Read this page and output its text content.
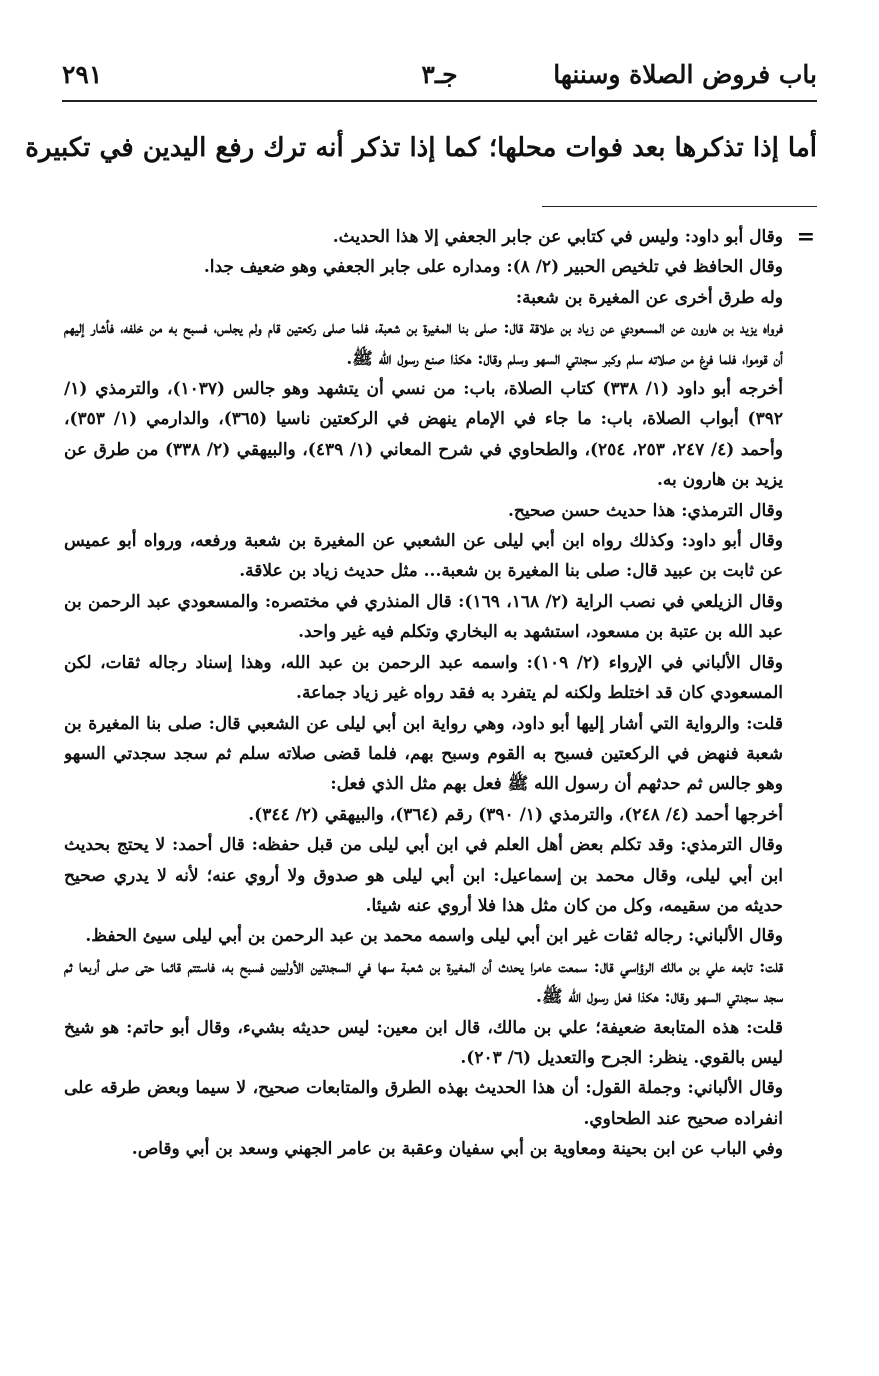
باب فروض الصلاة وسننها
جـ٣
٢٩١
أما إذا تذكرها بعد فوات محلها؛ كما إذا تذكر أنه ترك رفع اليدين في تكبيرة
=

وقال أبو داود: وليس في كتابي عن جابر الجعفي إلا هذا الحديث.

وقال الحافظ في تلخيص الحبير (٢/ ٨): ومداره على جابر الجعفي وهو ضعيف جدا.

وله طرق أخرى عن المغيرة بن شعبة:

فرواه يزيد بن هارون عن المسعودي عن زياد بن علاقة قال: صلى بنا المغيرة بن شعبة، فلما صلى ركعتين قام ولم يجلس، فسبح به من خلفه، فأشار إليهم أن قوموا، فلما فرغ من صلاته سلم وكبر سجدتي السهو وسلم وقال: هكذا صنع رسول الله ﷺ.

أخرجه أبو داود (١/ ٣٣٨) كتاب الصلاة، باب: من نسي أن يتشهد وهو جالس (١٠٣٧)، والترمذي (١/ ٣٩٢) أبواب الصلاة، باب: ما جاء في الإمام ينهض في الركعتين ناسيا (٣٦٥)، والدارمي (١/ ٣٥٣)، وأحمد (٤/ ٢٤٧، ٢٥٣، ٢٥٤)، والطحاوي في شرح المعاني (١/ ٤٣٩)، والبيهقي (٢/ ٣٣٨) من طرق عن يزيد بن هارون به.

وقال الترمذي: هذا حديث حسن صحيح.

وقال أبو داود: وكذلك رواه ابن أبي ليلى عن الشعبي عن المغيرة بن شعبة ورفعه، ورواه أبو عميس عن ثابت بن عبيد قال: صلى بنا المغيرة بن شعبة... مثل حديث زياد بن علاقة.

وقال الزيلعي في نصب الراية (٢/ ١٦٨، ١٦٩): قال المنذري في مختصره: والمسعودي عبد الرحمن بن عبد الله بن عتبة بن مسعود، استشهد به البخاري وتكلم فيه غير واحد.

وقال الألباني في الإرواء (٢/ ١٠٩): واسمه عبد الرحمن بن عبد الله، وهذا إسناد رجاله ثقات، لكن المسعودي كان قد اختلط ولكنه لم يتفرد به فقد رواه غير زياد جماعة.

قلت: والرواية التي أشار إليها أبو داود، وهي رواية ابن أبي ليلى عن الشعبي قال: صلى بنا المغيرة بن شعبة فنهض في الركعتين فسبح به القوم وسبح بهم، فلما قضى صلاته سلم ثم سجد سجدتي السهو وهو جالس ثم حدثهم أن رسول الله ﷺ فعل بهم مثل الذي فعل:

أخرجها أحمد (٤/ ٢٤٨)، والترمذي (١/ ٣٩٠) رقم (٣٦٤)، والبيهقي (٢/ ٣٤٤).

وقال الترمذي: وقد تكلم بعض أهل العلم في ابن أبي ليلى من قبل حفظه: قال أحمد: لا يحتج بحديث ابن أبي ليلى، وقال محمد بن إسماعيل: ابن أبي ليلى هو صدوق ولا أروي عنه؛ لأنه لا يدري صحيح حديثه من سقيمه، وكل من كان مثل هذا فلا أروي عنه شيئا.

وقال الألباني: رجاله ثقات غير ابن أبي ليلى واسمه محمد بن عبد الرحمن بن أبي ليلى سيئ الحفظ.

قلت: تابعه علي بن مالك الرؤاسي قال: سمعت عامرا يحدث أن المغيرة بن شعبة سها في السجدتين الأوليين فسبح به، فاستتم قائما حتى صلى أربعا ثم سجد سجدتي السهو وقال: هكذا فعل رسول الله ﷺ.

قلت: هذه المتابعة ضعيفة؛ علي بن مالك، قال ابن معين: ليس حديثه بشيء، وقال أبو حاتم: هو شيخ ليس بالقوي. ينظر: الجرح والتعديل (٦/ ٢٠٣).

وقال الألباني: وجملة القول: أن هذا الحديث بهذه الطرق والمتابعات صحيح، لا سيما وبعض طرقه على انفراده صحيح عند الطحاوي.

وفي الباب عن ابن بحينة ومعاوية بن أبي سفيان وعقبة بن عامر الجهني وسعد بن أبي وقاص.
